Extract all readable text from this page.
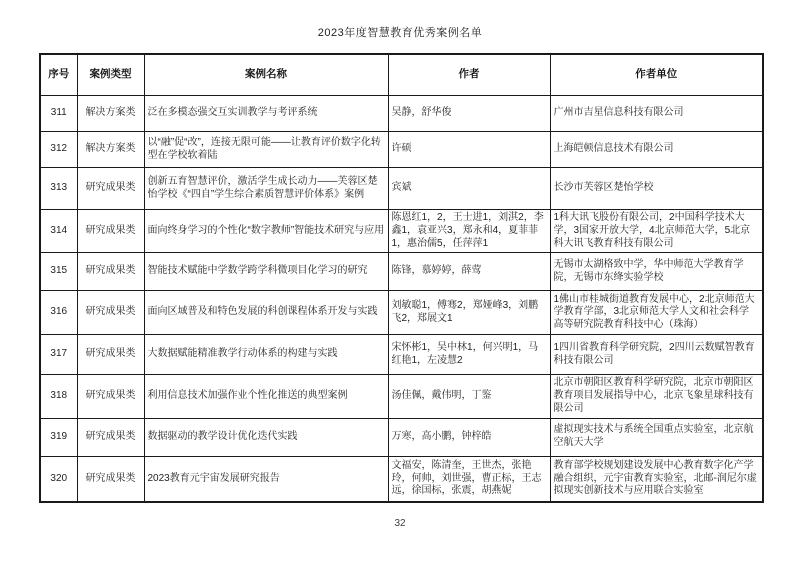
2023年度智慧教育优秀案例名单
序号	案例类型	案例名称	作者	作者单位
311	解决方案类	泛在多模态强交互实训教学与考评系统	吴静，舒华俊	广州市吉星信息科技有限公司
312	解决方案类	以“融”促“改”，连接无限可能——让教育评价数字化转型在学校软着陆	许硕	上海皑顿信息技术有限公司
313	研究成果类	创新五育智慧评价，激活学生成长动力——芙蓉区楚怡学校《“四自”学生综合素质智慧评价体系》案例	宾斌	长沙市芙蓉区楚怡学校
314	研究成果类	面向终身学习的个性化“数字教师”智能技术研究与应用	陈恩红1，2，王士进1，刘淇2，李鑫1，袁亚兴3，郑永和4，夏菲菲1，惠治儒5，任萍萍1	1科大讯飞股份有限公司，2中国科学技术大学，3国家开放大学，4北京师范大学，5北京科大讯飞教育科技有限公司
315	研究成果类	智能技术赋能中学数学跨学科微项目化学习的研究	陈锋，慕婷婷，薛莺	无锡市太湖格致中学，华中师范大学教育学院，无锡市东绛实验学校
316	研究成果类	面向区域普及和特色发展的科创课程体系开发与实践	刘敏聪1，傅骞2，郑娅峰3，刘鹏飞2，郑展文1	1佛山市桂城街道教育发展中心，2北京师范大学教育学部，3北京师范大学人文和社会科学高等研究院教育科技中心（珠海）
317	研究成果类	大数据赋能精准教学行动体系的构建与实践	宋怀彬1，吴中林1，何兴明1，马红艳1，左凌慧2	1四川省教育科学研究院，2四川云数赋智教育科技有限公司
318	研究成果类	利用信息技术加强作业个性化推送的典型案例	汤佳佩，戴伟明，丁鉴	北京市朝阳区教育科学研究院，北京市朝阳区教育项目发展指导中心，北京飞象星球科技有限公司
319	研究成果类	数据驱动的教学设计优化迭代实践	万寒，高小鹏，钟梓皓	虚拟现实技术与系统全国重点实验室，北京航空航天大学
320	研究成果类	2023教育元宇宙发展研究报告	文福安，陈清奎，王世杰，张艳玲，何帅，刘世强，曹正标，王志远，徐国标，张震，胡燕妮	教育部学校规划建设发展中心教育数字化产学融合组织，元宇宙教育实验室，北邮-润尼尔虚拟现实创新技术与应用联合实验室
32
